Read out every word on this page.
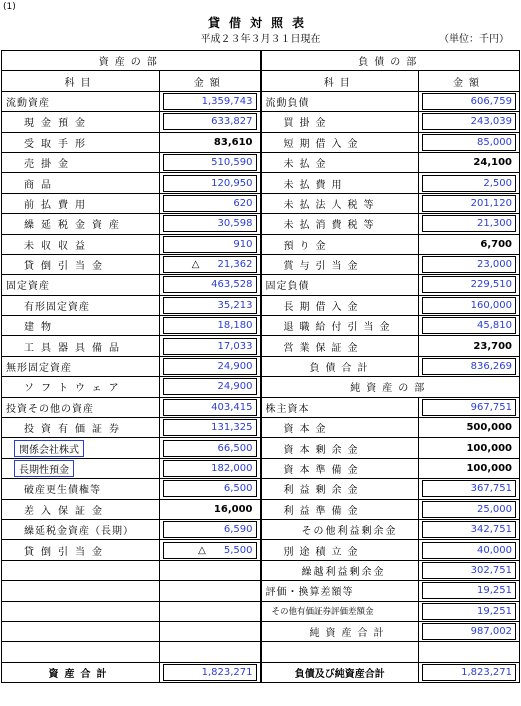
(1)
貸借対照表
平成２３年３月３１日現在	（単位：千円）
資産の部		負債の部	
科目	金額	科目	金額

流動資産	1,359,743	流動負債	606,759

現金預金	633,827	買掛金	243,039

受取手形	83,610	短期借入金	85,000

売掛金	510,590	未払金	24,100

商品	120,950	未払費用	2,500

前払費用	620	未払法人税等	201,120

繰延税金資産	30,598	未払消費税等	21,300

未収収益	910	預り金	6,700

貸倒引当金	△ 21,362	賞与引当金	23,000

固定資産	463,528	固定負債	229,510

有形固定資産	35,213	長期借入金	160,000

建物	18,180	退職給付引当金	45,810

工具器具備品	17,033	営業保証金	23,700

無形固定資産	24,900	負債合計	836,269

ソフトウェア	24,900	純資産の部	

投資その他の資産	403,415	株主資本	967,751

投資有価証券	131,325	資本金	500,000

関係会社株式	66,500	資本剰余金	100,000

長期性預金	182,000	資本準備金	100,000

破産更生債権等	6,500	利益剰余金	367,751

差入保証金	16,000	利益準備金	25,000

繰延税金資産（長期）	6,590	その他利益剰余金	342,751

貸倒引当金	△ 5,500	別途積立金	40,000

		繰越利益剰余金	302,751

		評価・換算差額等	19,251

		その他有価証券評価差額金	19,251

		純資産合計	987,002

資産合計	1,823,271	負債及び純資産合計	1,823,271
